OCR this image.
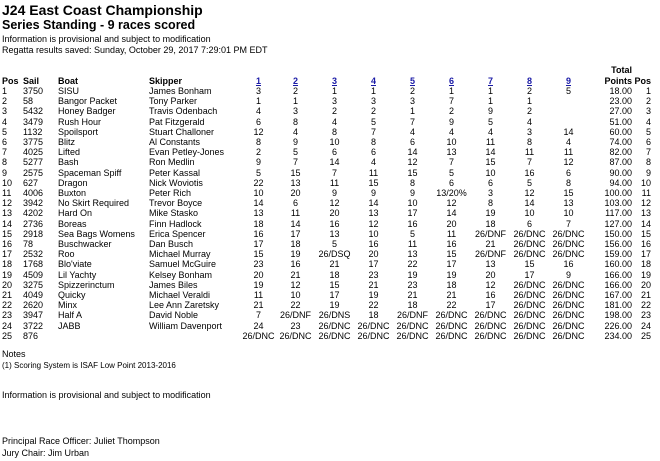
J24 East Coast Championship
Series Standing - 9 races scored
Information is provisional and subject to modification
Regatta results saved: Sunday, October 29, 2017 7:29:01 PM EDT
Pos	Sail	Boat	Skipper	1	2	3	4	5	6	7	8	9	Total
Points	Pos
1	3750	SISU	James Bonham	3	2	1	1	2	1	1	2	5	18.00	1
2	58	Bangor Packet	Tony Parker	1	1	3	3	3	7	1	1		23.00	2
3	5432	Honey Badger	Travis Odenbach	4	3	2	2	1	2	9	2		27.00	3
4	3479	Rush Hour	Pat Fitzgerald	6	8	4	5	7	9	5	4		51.00	4
5	1132	Spoilsport	Stuart Challoner	12	4	8	7	4	4	4	3	14	60.00	5
6	3775	Blitz	Al Constants	8	9	10	8	6	10	11	8	4	74.00	6
7	4025	Lifted	Evan Petley-Jones	2	5	6	6	14	13	14	11	11	82.00	7
8	5277	Bash	Ron Medlin	9	7	14	4	12	7	15	7	12	87.00	8
9	2575	Spaceman Spiff	Peter Kassal	5	15	7	11	15	5	10	16	6	90.00	9
10	627	Dragon	Nick Woviotis	22	13	11	15	8	6	6	5	8	94.00	10
11	4006	Buxton	Peter Rich	10	20	9	9	9	13/20%	3	12	15	100.00	11
12	3942	No Skirt Required	Trevor Boyce	14	6	12	14	10	12	8	14	13	103.00	12
13	4202	Hard On	Mike Stasko	13	11	20	13	17	14	19	10	10	117.00	13
14	2736	Boreas	Finn Hadlock	18	14	16	12	16	20	18	6	7	127.00	14
15	2918	Sea Bags Womens	Erica Spencer	16	17	13	10	5	11	26/DNF	26/DNC	26/DNC	150.00	15
16	78	Buschwacker	Dan Busch	17	18	5	16	11	16	21	26/DNC	26/DNC	156.00	16
17	2532	Roo	Michael Murray	15	19	26/DSQ	20	13	15	26/DNF	26/DNC	26/DNC	159.00	17
18	1768	Blo'viate	Samuel McGuire	23	16	21	17	22	17	13	15	16	160.00	18
19	4509	Lil Yachty	Kelsey Bonham	20	21	18	23	19	19	20	17	9	166.00	19
20	3275	Spizzerinctum	James Biles	19	12	15	21	23	18	12	26/DNC	26/DNC	166.00	20
21	4049	Quicky	Michael Veraldi	11	10	17	19	21	21	16	26/DNC	26/DNC	167.00	21
22	2620	Minx	Lee Ann Zaretsky	21	22	19	22	18	22	17	26/DNC	26/DNC	181.00	22
23	3947	Half A	David Noble	7	26/DNF	26/DNS	18	26/DNF	26/DNC	26/DNC	26/DNC	26/DNC	198.00	23
24	3722	JABB	William Davenport	24	23	26/DNC	26/DNC	26/DNC	26/DNC	26/DNC	26/DNC	26/DNC	226.00	24
25	876			26/DNC	26/DNC	26/DNC	26/DNC	26/DNC	26/DNC	26/DNC	26/DNC	26/DNC	234.00	25
Notes
(1) Scoring System is ISAF Low Point 2013-2016
Information is provisional and subject to modification
Principal Race Officer: Juliet Thompson
Jury Chair: Jim Urban
